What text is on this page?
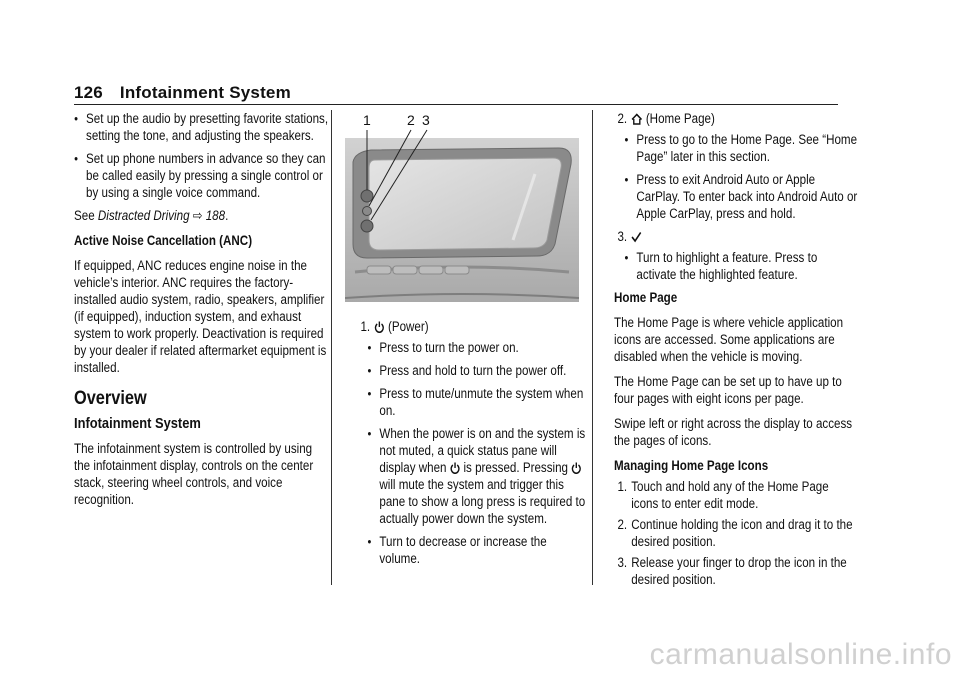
126 Infotainment System
● Set up the audio by presetting favorite stations, setting the tone, and adjusting the speakers.
● Set up phone numbers in advance so they can be called easily by pressing a single control or by using a single voice command.

See Distracted Driving ⇨ 188.

Active Noise Cancellation (ANC)

If equipped, ANC reduces engine noise in the vehicle’s interior. ANC requires the factory-installed audio system, radio, speakers, amplifier (if equipped), induction system, and exhaust system to work properly. Deactivation is required by your dealer if related aftermarket equipment is installed.

Overview
Infotainment System

The infotainment system is controlled by using the infotainment display, controls on the center stack, steering wheel controls, and voice recognition.

1	2 3
1. (Power)
● Press to turn the power on.
● Press and hold to turn the power off.
● Press to mute/unmute the system when on.
● When the power is on and the system is not muted, a quick status pane will display when is pressed. Pressing will mute the system and trigger this pane to show a long press is required to actually power down the system.
● Turn to decrease or increase the volume.
2. (Home Page)
● Press to go to the Home Page. See “Home Page” later in this section.
● Press to exit Android Auto or Apple CarPlay. To enter back into Android Auto or Apple CarPlay, press and hold.
3.
● Turn to highlight a feature. Press to activate the highlighted feature.

Home Page

The Home Page is where vehicle application icons are accessed. Some applications are disabled when the vehicle is moving.

The Home Page can be set up to have up to four pages with eight icons per page.

Swipe left or right across the display to access the pages of icons.

Managing Home Page Icons

1. Touch and hold any of the Home Page icons to enter edit mode.
2. Continue holding the icon and drag it to the desired position.
3. Release your finger to drop the icon in the desired position.
carmanualsonline.info
